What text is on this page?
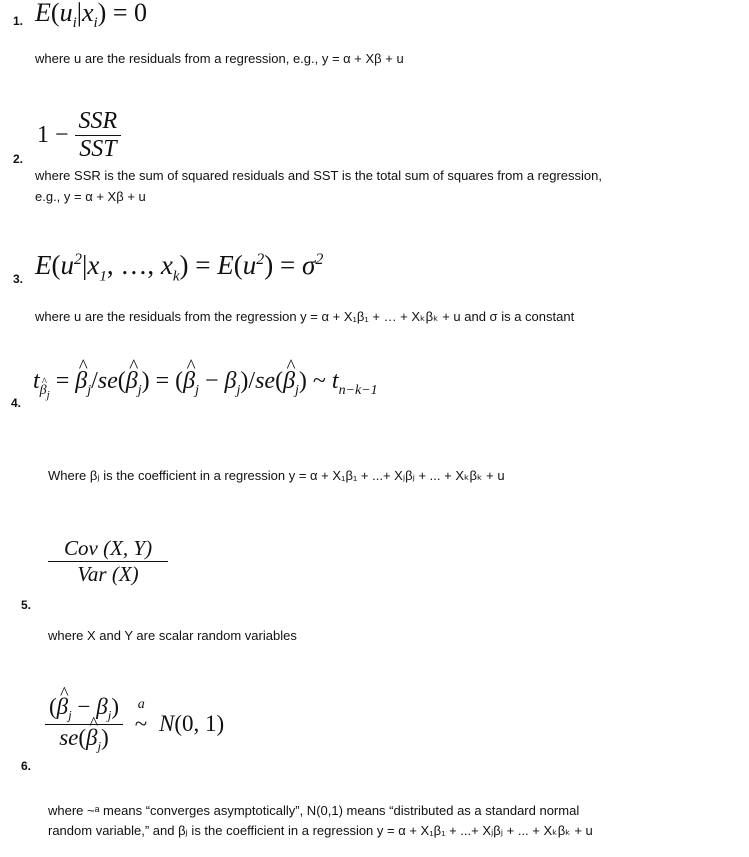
1. $E(u_i|x_i) = 0$
where u are the residuals from a regression, e.g., y = α + Xβ + u
$1 - \frac{\text{SSR}}{\text{SST}}$
2.
where SSR is the sum of squared residuals and SST is the total sum of squares from a regression,
e.g., y = α + Xβ + u
3. $E(u^2|x_1$, …, $x_k) = E(u^2) = \sigma^2$
where u are the residuals from the regression y = α + X₁β₁ + … + Xₖβₖ + u and σ is a constant
t^ $_{\beta_j}$ = ^ $\beta_j/se(\^{}$ $\beta_j$) = (^ $\beta_j$ − $\beta_j)/se(\^{}$ $\beta_j$) ~ $t_{n-k-1}$
4.
Where βⱼ is the coefficient in a regression y = α + X₁β₁ + ...+ Xⱼβⱼ + ... + Xₖβₖ + u
$\frac{\text{Cov (X, Y)}}{\text{Var (X)}}$
5.
where X and Y are scalar random variables
$\frac{(\^{} \beta_j - \beta_j)}{se(\^{} \beta_j)}$ ~
a
N(0, 1)
6.
where ~ᵃ means “converges asymptotically”, N(0,1) means “distributed as a standard normal
random variable,” and βⱼ is the coefficient in a regression y = α + X₁β₁ + ...+ Xⱼβⱼ + ... + Xₖβₖ + u
